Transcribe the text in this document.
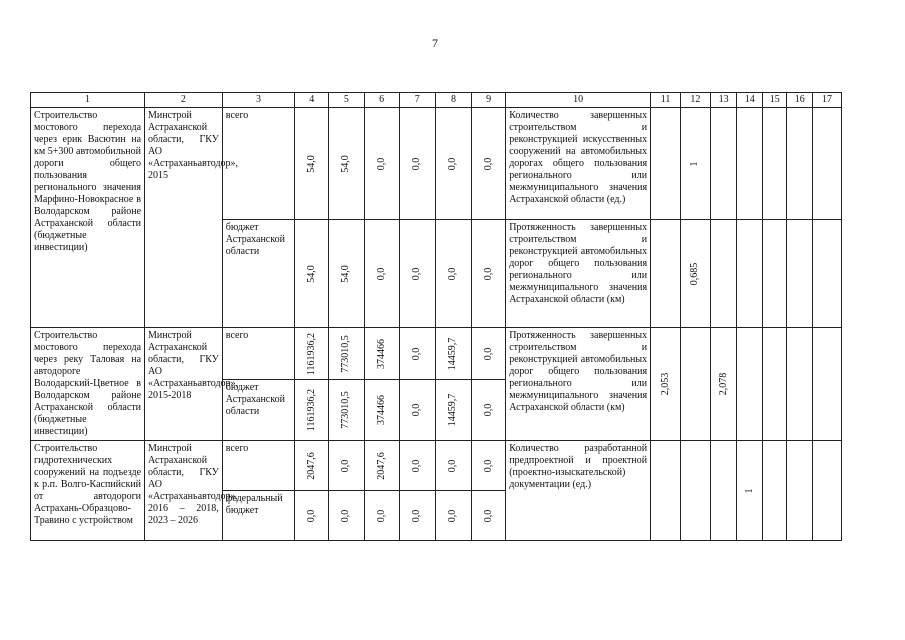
7
1	2	3	4	5	6	7	8	9	10	11	12	13	14	15	16	17
Строительство мостового перехода через ерик Васютин на км 5+300 автомобильной дороги общего пользования регионального значения Марфино-Новокрасное в Володарском районе Астраханской области (бюджетные инвестиции)	Минстрой Астраханской области, ГКУ АО «Астраханьавтодор», 2015	всего	54,0	54,0	0,0	0,0	0,0	0,0	Количество завершенных строительством и реконструкцией искусственных сооружений на автомобильных дорогах общего пользования регионального или межмуниципального значения Астраханской области (ед.)		1					

		бюджет Астраханской области	54,0	54,0	0,0	0,0	0,0	0,0	Протяженность завершенных строительством и реконструкцией автомобильных дорог общего пользования регионального или межмуниципального значения Астраханской области (км)		0,685					

Строительство мостового перехода через реку Таловая на автодороге Володарский-Цветное в Володарском районе Астраханской области (бюджетные инвестиции)	Минстрой Астраханской области, ГКУ АО «Астраханьавтодор», 2015-2018	всего	1161936,2	773010,5	374466	0,0	14459,7	0,0	Протяженность завершенных строительством и реконструкцией автомобильных дорог общего пользования регионального или межмуниципального значения Астраханской области (км)	2,053		2,078				

		бюджет Астраханской области	1161936,2	773010,5	374466	0,0	14459,7	0,0								

Строительство гидротехнических сооружений на подъезде к р.п. Волго-Каспийский от автодороги Астрахань-Образцово-Травино с устройством	Минстрой Астраханской области, ГКУ АО «Астраханьавтодор», 2016 – 2018, 2023 – 2026	всего	2047,6	0,0	2047,6	0,0	0,0	0,0	Количество разработанной предпроектной и проектной (проектно-изыскательской) документации (ед.)				1			

		федеральный бюджет	0,0	0,0	0,0	0,0	0,0	0,0								
